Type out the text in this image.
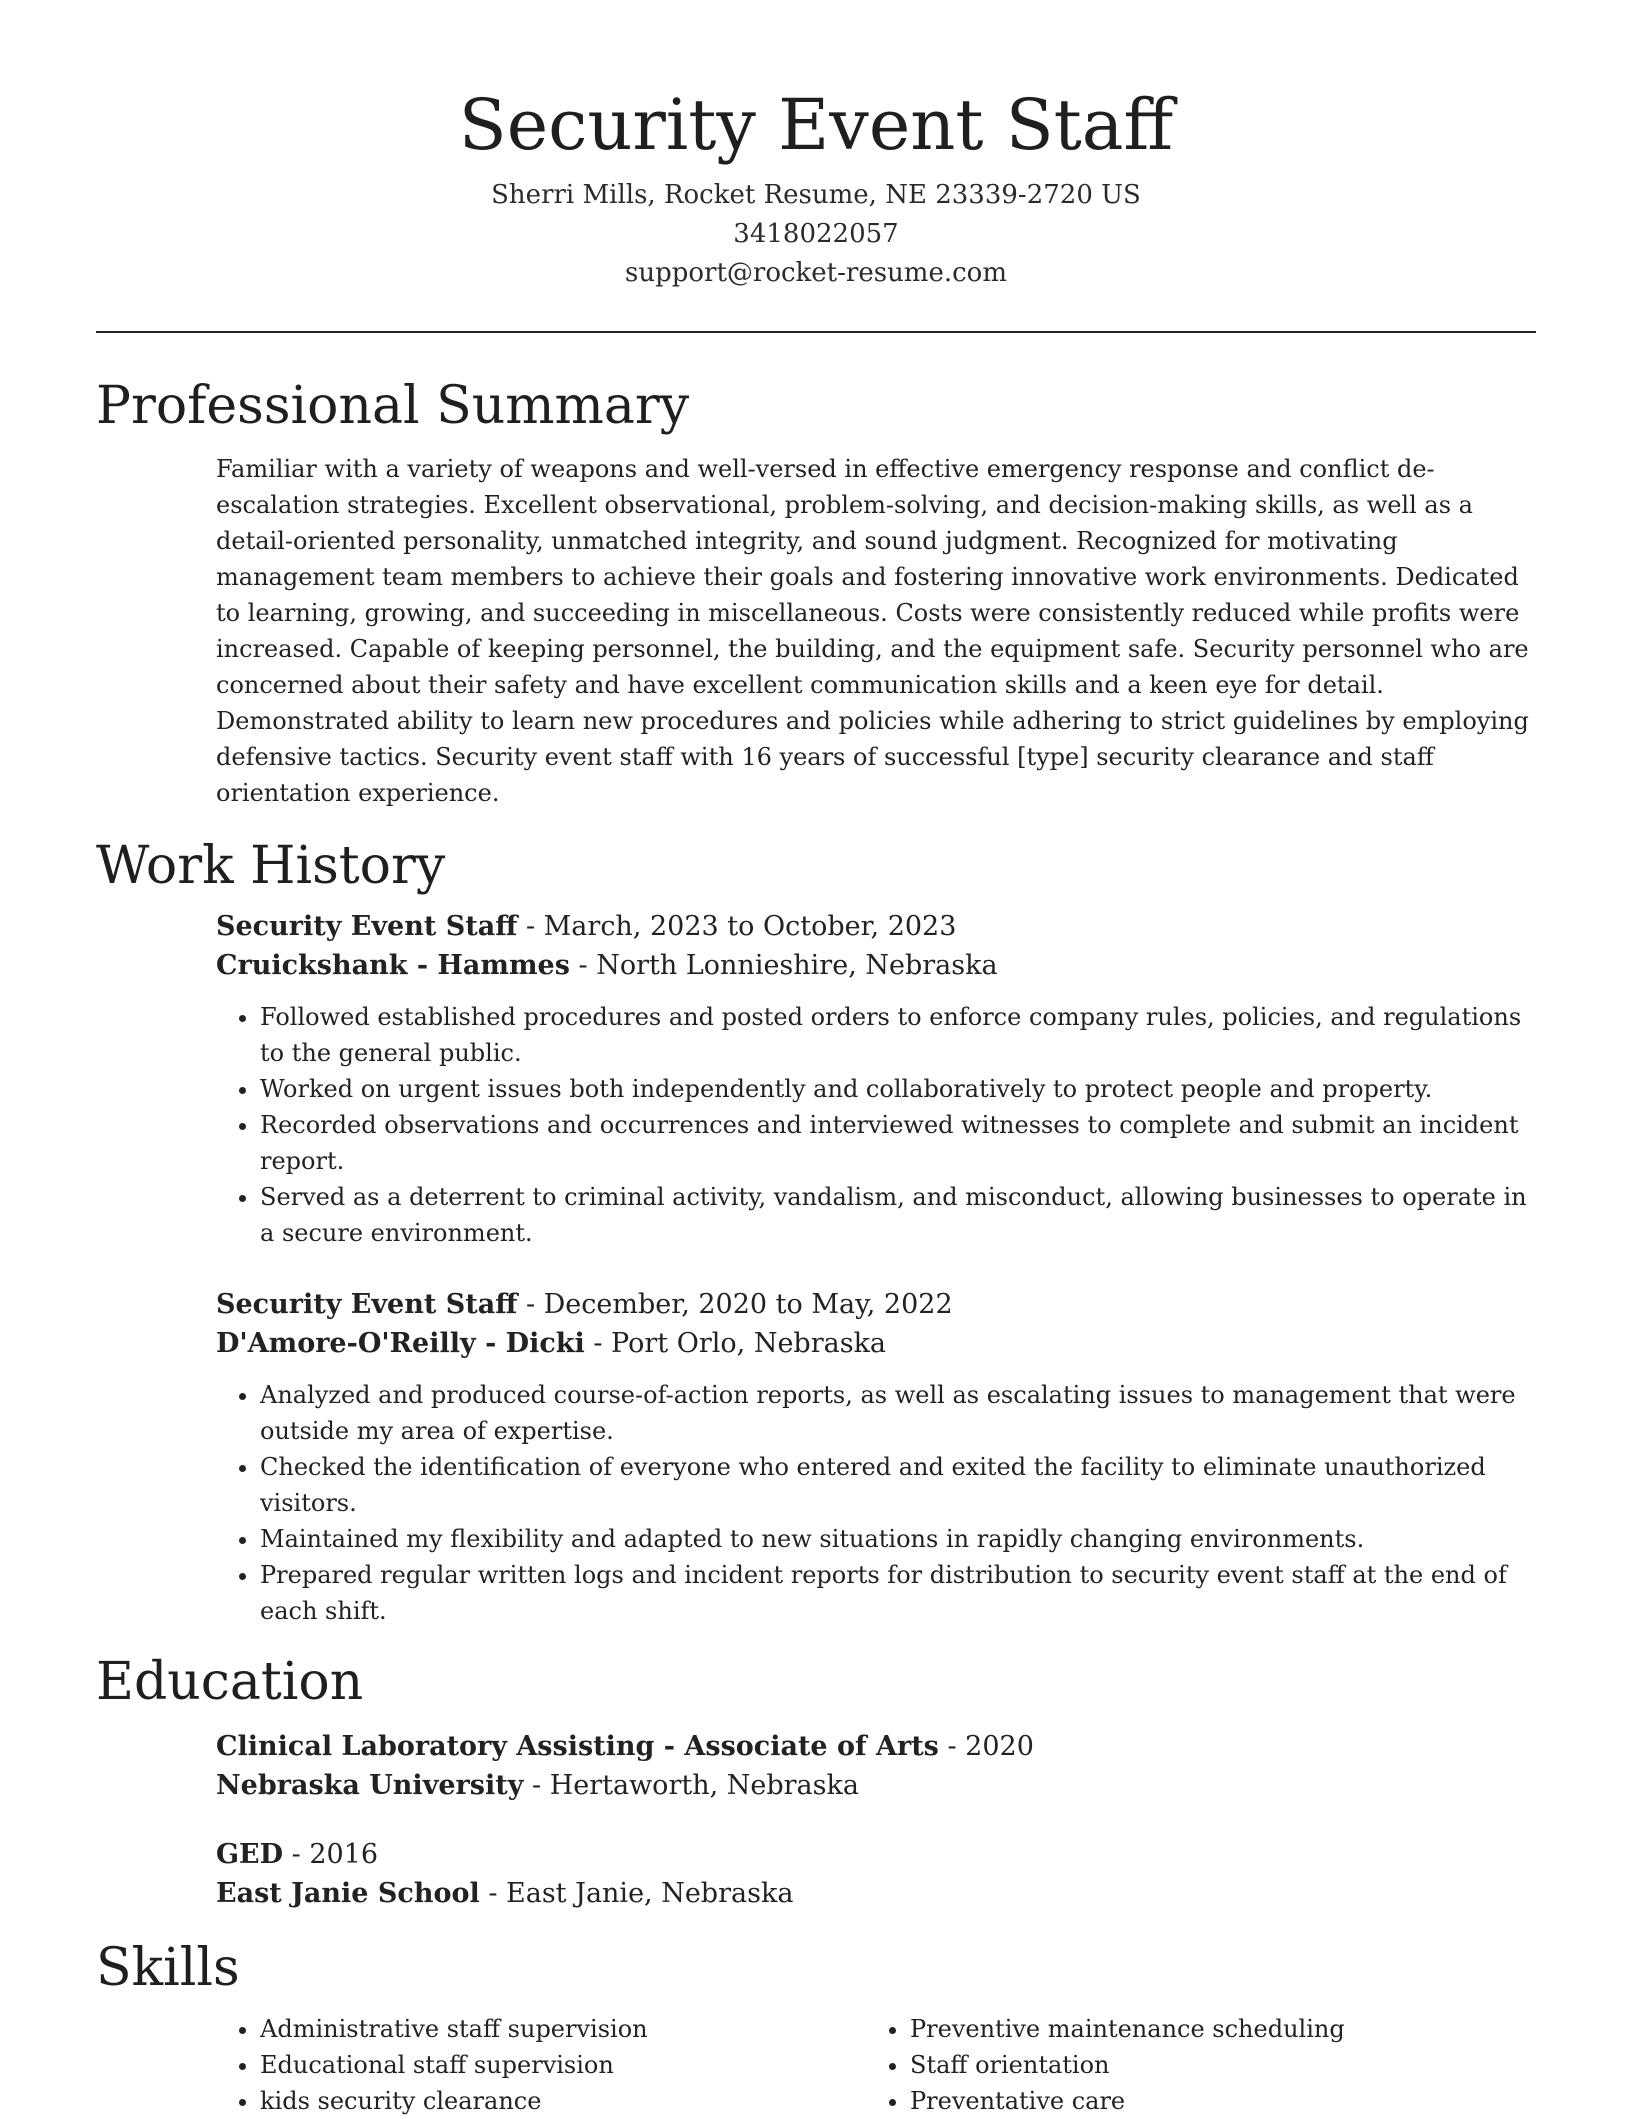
Security Event Staff
Sherri Mills, Rocket Resume, NE 23339-2720 US
3418022057
support@rocket-resume.com
Professional Summary

Familiar with a variety of weapons and well-versed in effective emergency response and conflict de-escalation strategies. Excellent observational, problem-solving, and decision-making skills, as well as a detail-oriented personality, unmatched integrity, and sound judgment. Recognized for motivating management team members to achieve their goals and fostering innovative work environments. Dedicated to learning, growing, and succeeding in miscellaneous. Costs were consistently reduced while profits were increased. Capable of keeping personnel, the building, and the equipment safe. Security personnel who are concerned about their safety and have excellent communication skills and a keen eye for detail. Demonstrated ability to learn new procedures and policies while adhering to strict guidelines by employing defensive tactics. Security event staff with 16 years of successful [type] security clearance and staff orientation experience.

Work History

Security Event Staff - March, 2023 to October, 2023

Cruickshank - Hammes - North Lonnieshire, Nebraska

• Followed established procedures and posted orders to enforce company rules, policies, and regulations to the general public.
• Worked on urgent issues both independently and collaboratively to protect people and property.
• Recorded observations and occurrences and interviewed witnesses to complete and submit an incident report.
• Served as a deterrent to criminal activity, vandalism, and misconduct, allowing businesses to operate in a secure environment.

Security Event Staff - December, 2020 to May, 2022

D'Amore-O'Reilly - Dicki - Port Orlo, Nebraska

• Analyzed and produced course-of-action reports, as well as escalating issues to management that were outside my area of expertise.
• Checked the identification of everyone who entered and exited the facility to eliminate unauthorized visitors.
• Maintained my flexibility and adapted to new situations in rapidly changing environments.
• Prepared regular written logs and incident reports for distribution to security event staff at the end of each shift.
Education

Clinical Laboratory Assisting - Associate of Arts - 2020

Nebraska University - Hertaworth, Nebraska

GED - 2016

East Janie School - East Janie, Nebraska

Skills
• Administrative staff supervision
• Educational staff supervision
• kids security clearance
• Preventive maintenance scheduling
• Staff orientation
• Preventative care
